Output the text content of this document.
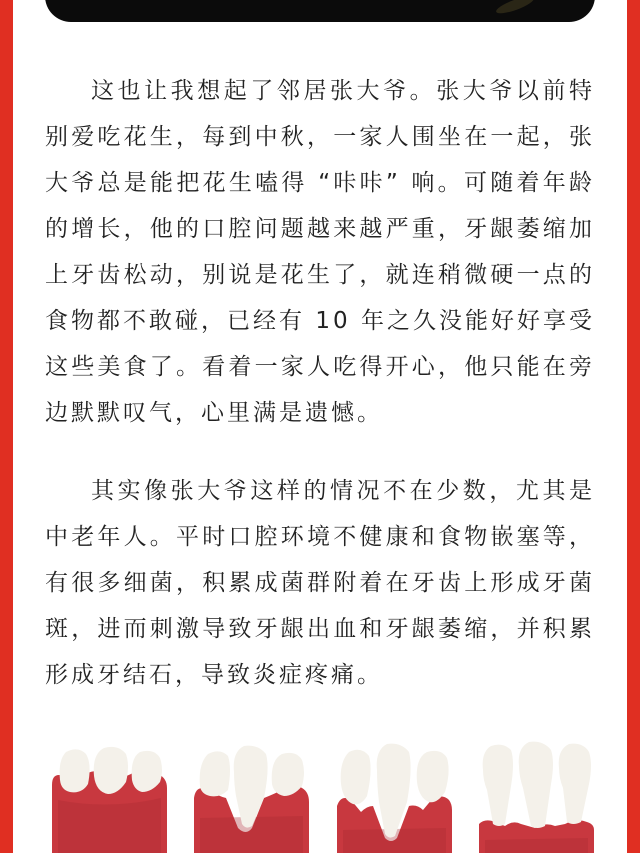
这也让我想起了邻居张大爷。张大爷以前特别爱吃花生，每到中秋，一家人围坐在一起，张大爷总是能把花生嗑得 “咔咔” 响。可随着年龄的增长，他的口腔问题越来越严重，牙龈萎缩加上牙齿松动，别说是花生了，就连稍微硬一点的食物都不敢碰，已经有 10 年之久没能好好享受这些美食了。看着一家人吃得开心，他只能在旁边默默叹气，心里满是遗憾。

其实像张大爷这样的情况不在少数，尤其是中老年人。平时口腔环境不健康和食物嵌塞等，有很多细菌，积累成菌群附着在牙齿上形成牙菌斑，进而刺激导致牙龈出血和牙龈萎缩，并积累形成牙结石，导致炎症疼痛。
